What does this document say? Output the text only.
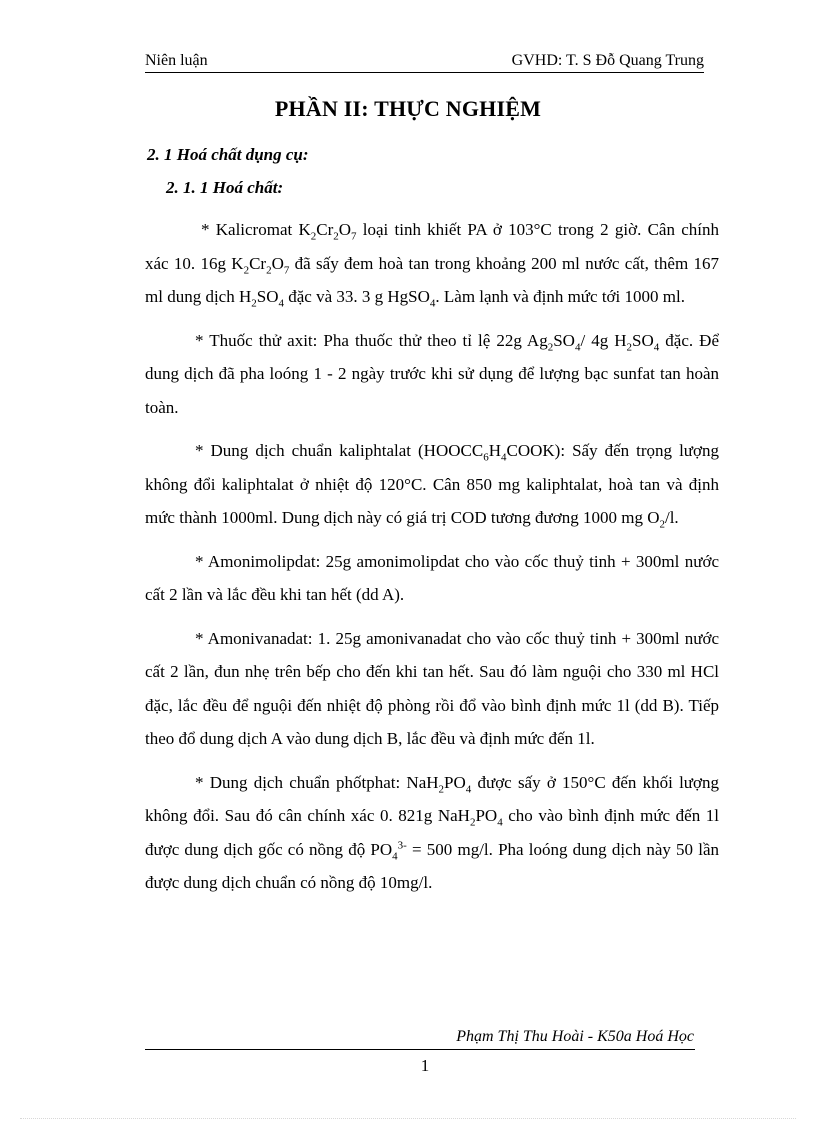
Niên luận	GVHD: T. S Đỗ Quang Trung
PHẦN II: THỰC NGHIỆM
2. 1 Hoá chất dụng cụ:
2. 1. 1 Hoá chất:

* Kalicromat $K_2Cr_2O_7$ loại tinh khiết PA ở 103°C trong 2 giờ. Cân chính xác 10. 16g $K_2Cr_2O_7$ đã sấy đem hoà tan trong khoảng 200 ml nước cất, thêm 167 ml dung dịch $H_2SO_4$ đặc và 33. 3 g HgSO$_4$. Làm lạnh và định mức tới 1000 ml.

* Thuốc thử axit: Pha thuốc thử theo tỉ lệ 22g $Ag_2SO_4/$ 4g $H_2SO_4$ đặc. Để dung dịch đã pha loóng 1 - 2 ngày trước khi sử dụng để lượng bạc sunfat tan hoàn toàn.

* Dung dịch chuẩn kaliphtalat $(HOOCC_6H_4COOK)$: Sấy đến trọng lượng không đổi kaliphtalat ở nhiệt độ 120°C. Cân 850 mg kaliphtalat, hoà tan và định mức thành 1000ml. Dung dịch này có giá trị COD tương đương 1000 mg $O_2/l$.

* Amonimolipdat: 25g amonimolipdat cho vào cốc thuỷ tinh + 300ml nước cất 2 lần và lắc đều khi tan hết (dd A).

* Amonivanadat: 1. 25g amonivanadat cho vào cốc thuỷ tinh + 300ml nước cất 2 lần, đun nhẹ trên bếp cho đến khi tan hết. Sau đó làm nguội cho 330 ml HCl đặc, lắc đều để nguội đến nhiệt độ phòng rồi đổ vào bình định mức 1l (dd B). Tiếp theo đổ dung dịch A vào dung dịch B, lắc đều và định mức đến 1l.

* Dung dịch chuẩn phốtphat: $NaH_2PO_4$ được sấy ở 150°C đến khối lượng không đổi. Sau đó cân chính xác 0. 821g $NaH_2PO_4$ cho vào bình định mức đến 1l được dung dịch gốc có nồng độ $PO_4^{3-} = 500$ mg/l. Pha loóng dung dịch này 50 lần được dung dịch chuẩn có nồng độ 10mg/l.

Phạm Thị Thu Hoài - K50a Hoá Học
1
